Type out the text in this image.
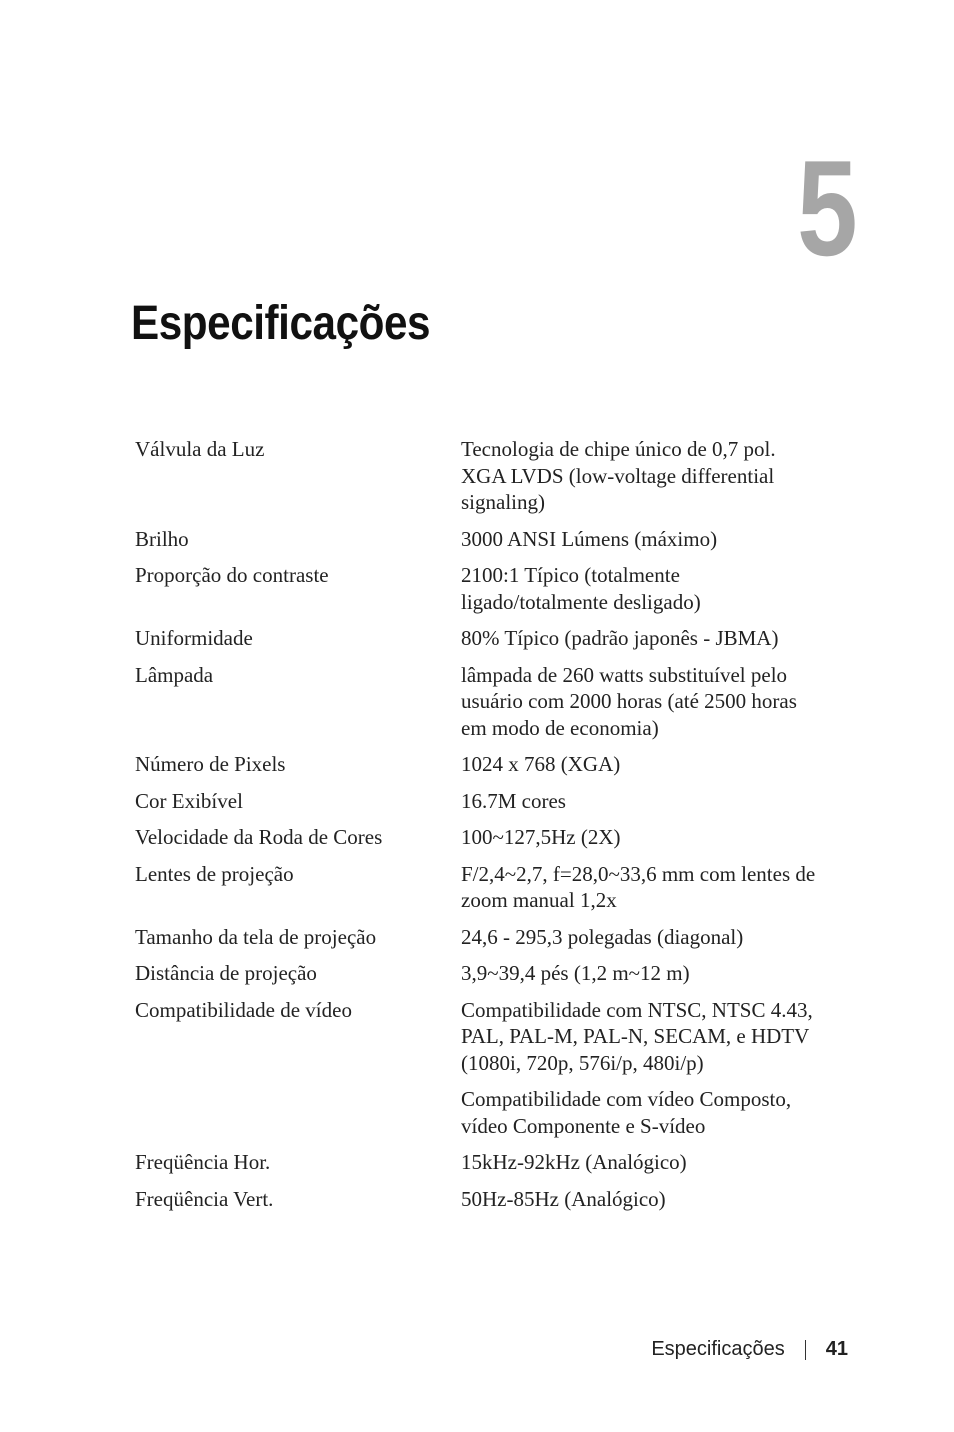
5
Especificações
Válvula da Luz	Tecnologia de chipe único de 0,7 pol. XGA LVDS (low-voltage differential signaling)
Brilho	3000 ANSI Lúmens (máximo)
Proporção do contraste	2100:1 Típico (totalmente ligado/totalmente desligado)
Uniformidade	80% Típico (padrão japonês - JBMA)
Lâmpada	lâmpada de 260 watts substituível pelo usuário com 2000 horas (até 2500 horas em modo de economia)
Número de Pixels	1024 x 768 (XGA)
Cor Exibível	16.7M cores
Velocidade da Roda de Cores	100~127,5Hz (2X)
Lentes de projeção	F/2,4~2,7, f=28,0~33,6 mm com lentes de zoom manual 1,2x
Tamanho da tela de projeção	24,6 - 295,3 polegadas (diagonal)
Distância de projeção	3,9~39,4 pés (1,2 m~12 m)
Compatibilidade de vídeo	Compatibilidade com NTSC, NTSC 4.43, PAL, PAL-M, PAL-N, SECAM, e HDTV (1080i, 720p, 576i/p, 480i/p)
Compatibilidade com vídeo Composto, vídeo Componente e S-vídeo
Freqüência Hor.	15kHz-92kHz (Analógico)
Freqüência Vert.	50Hz-85Hz (Analógico)
Especificações 41
